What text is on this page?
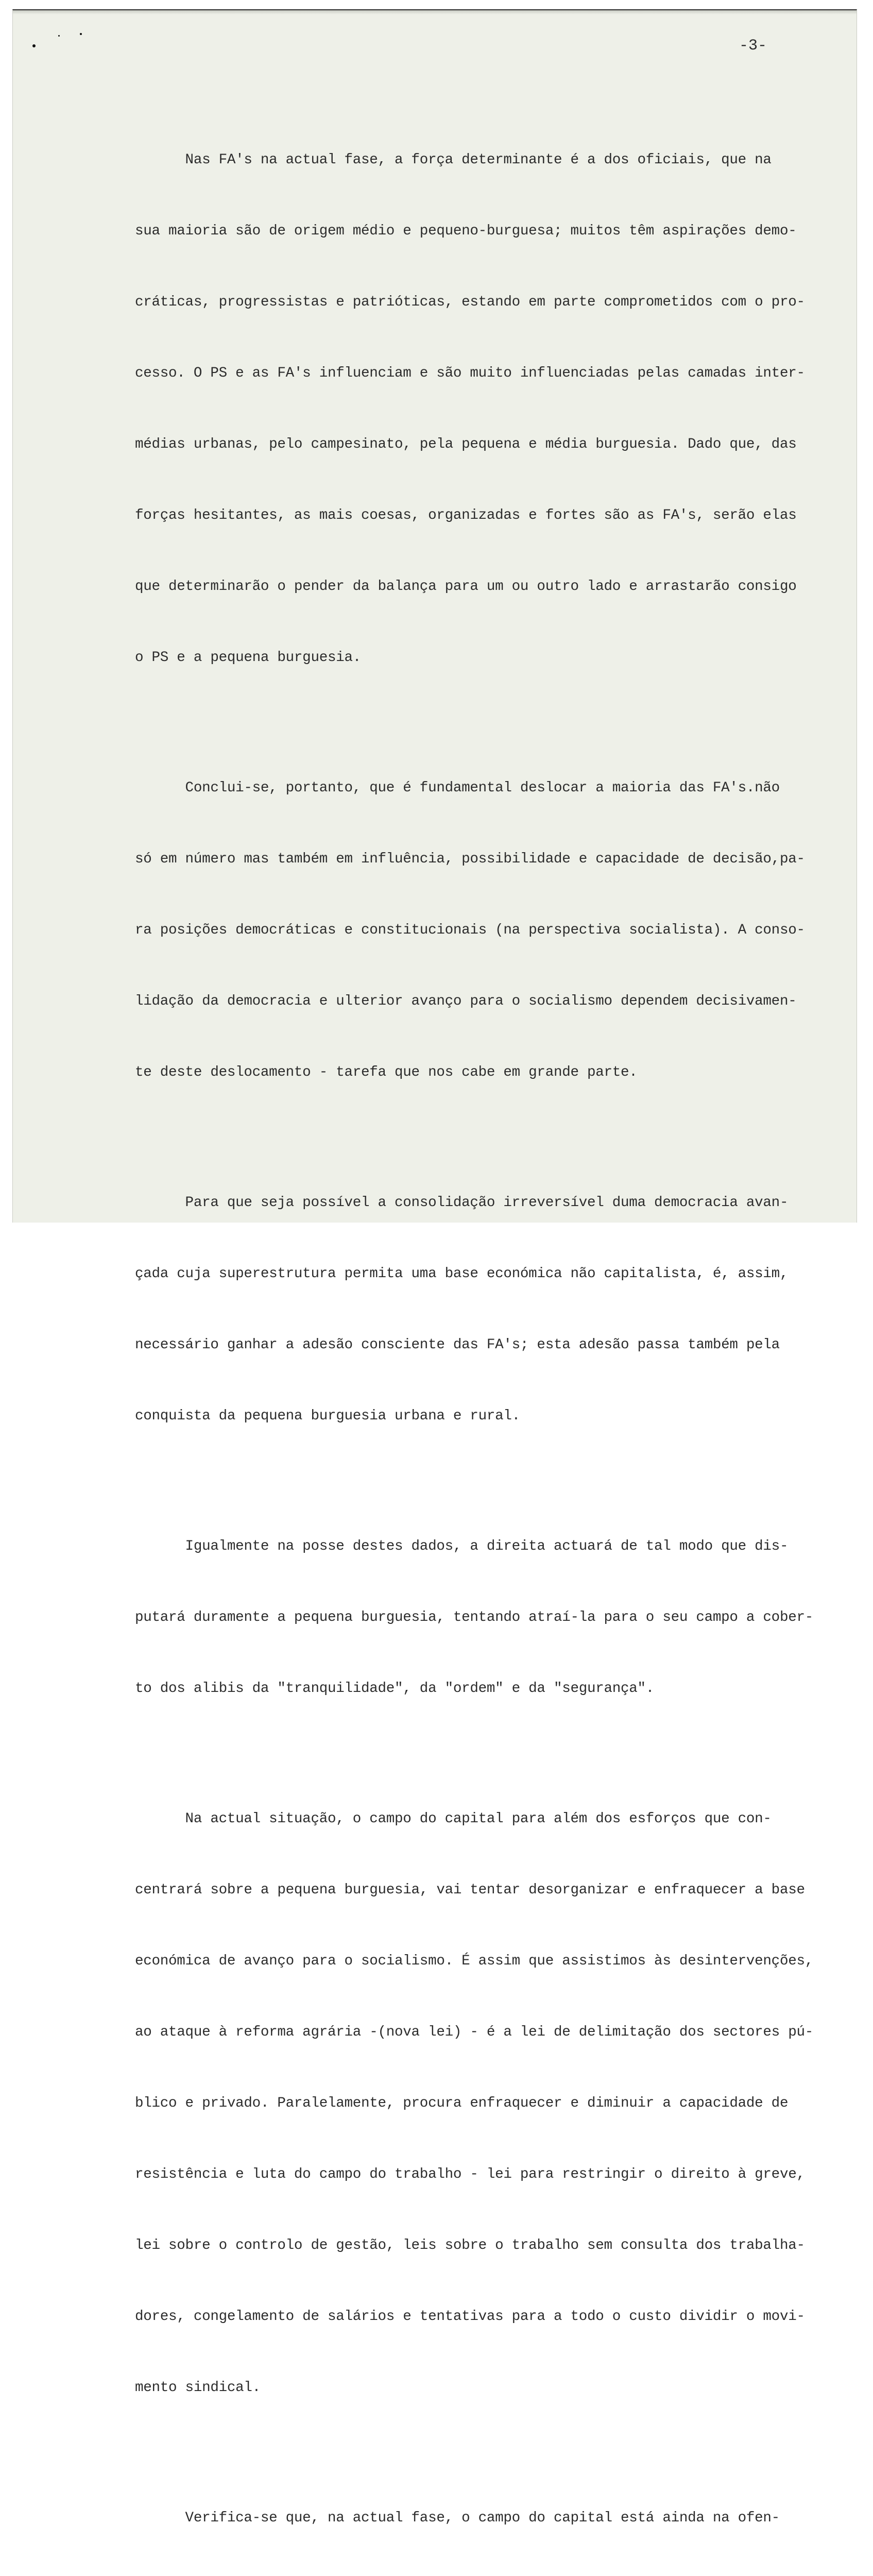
-3-

Nas FA's na actual fase, a força determinante é a dos oficiais, que na

sua maioria são de origem médio e pequeno-burguesa; muitos têm aspirações demo-

cráticas, progressistas e patrióticas, estando em parte comprometidos com o pro-

cesso. O PS e as FA's influenciam e são muito influenciadas pelas camadas inter-

médias urbanas, pelo campesinato, pela pequena e média burguesia. Dado que, das

forças hesitantes, as mais coesas, organizadas e fortes são as FA's, serão elas

que determinarão o pender da balança para um ou outro lado e arrastarão consigo

o PS e a pequena burguesia.

Conclui-se, portanto, que é fundamental deslocar a maioria das FA's.não

só em número mas também em influência, possibilidade e capacidade de decisão,pa-

ra posições democráticas e constitucionais (na perspectiva socialista). A conso-

lidação da democracia e ulterior avanço para o socialismo dependem decisivamen-

te deste deslocamento - tarefa que nos cabe em grande parte.

Para que seja possível a consolidação irreversível duma democracia avan-

çada cuja superestrutura permita uma base económica não capitalista, é, assim,

necessário ganhar a adesão consciente das FA's; esta adesão passa também pela

conquista da pequena burguesia urbana e rural.

Igualmente na posse destes dados, a direita actuará de tal modo que dis-

putará duramente a pequena burguesia, tentando atraí-la para o seu campo a cober-

to dos alibis da "tranquilidade", da "ordem" e da "segurança".

Na actual situação, o campo do capital para além dos esforços que con-

centrará sobre a pequena burguesia, vai tentar desorganizar e enfraquecer a base

económica de avanço para o socialismo. É assim que assistimos às desintervenções,

ao ataque à reforma agrária -(nova lei) - é a lei de delimitação dos sectores pú-

blico e privado. Paralelamente, procura enfraquecer e diminuir a capacidade de

resistência e luta do campo do trabalho - lei para restringir o direito à greve,

lei sobre o controlo de gestão, leis sobre o trabalho sem consulta dos trabalha-

dores, congelamento de salários e tentativas para a todo o custo dividir o movi-

mento sindical.

Verifica-se que, na actual fase, o campo do capital está ainda na ofen-
